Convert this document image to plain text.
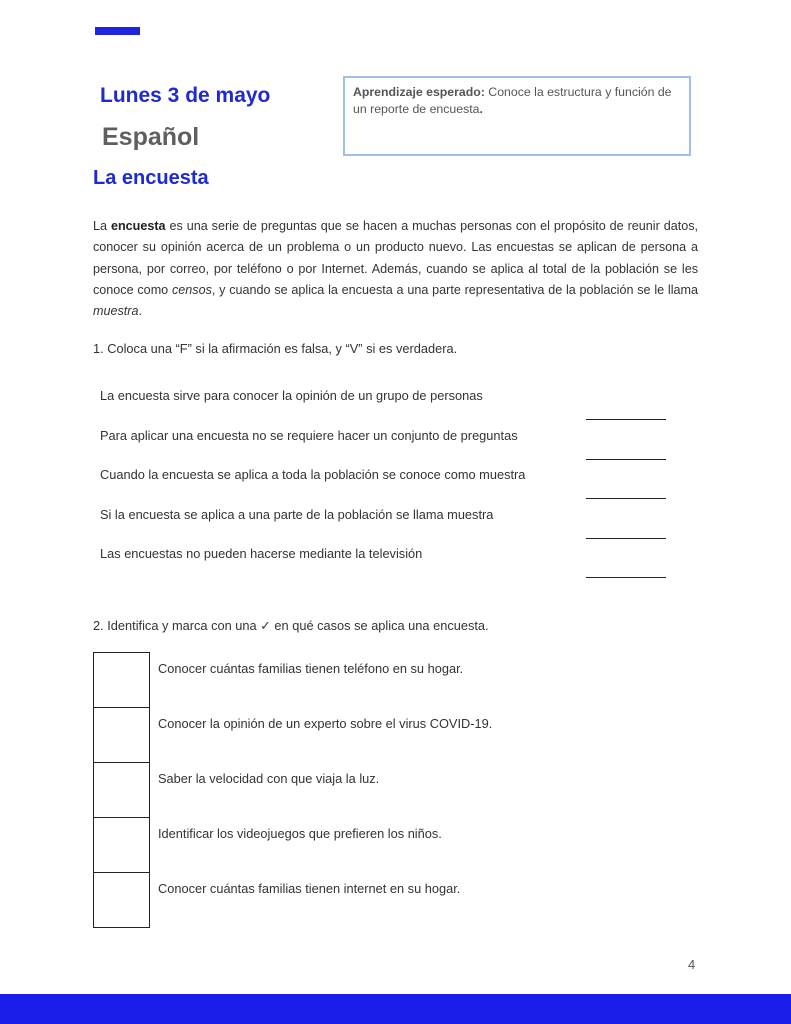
Lunes 3 de mayo
Español
La encuesta
Aprendizaje esperado: Conoce la estructura y función de un reporte de encuesta.
La encuesta es una serie de preguntas que se hacen a muchas personas con el propósito de reunir datos, conocer su opinión acerca de un problema o un producto nuevo. Las encuestas se aplican de persona a persona, por correo, por teléfono o por Internet. Además, cuando se aplica al total de la población se les conoce como censos, y cuando se aplica la encuesta a una parte representativa de la población se le llama muestra.
1. Coloca una “F” si la afirmación es falsa, y “V” si es verdadera.
La encuesta sirve para conocer la opinión de un grupo de personas
Para aplicar una encuesta no se requiere hacer un conjunto de preguntas
Cuando la encuesta se aplica a toda la población se conoce como muestra
Si la encuesta se aplica a una parte de la población se llama muestra
Las encuestas no pueden hacerse mediante la televisión
2. Identifica y marca con una ✓ en qué casos se aplica una encuesta.
	Conocer cuántas familias tienen teléfono en su hogar.
	Conocer la opinión de un experto sobre el virus COVID-19.
	Saber la velocidad con que viaja la luz.
	Identificar los videojuegos que prefieren los niños.
	Conocer cuántas familias tienen internet en su hogar.
4
